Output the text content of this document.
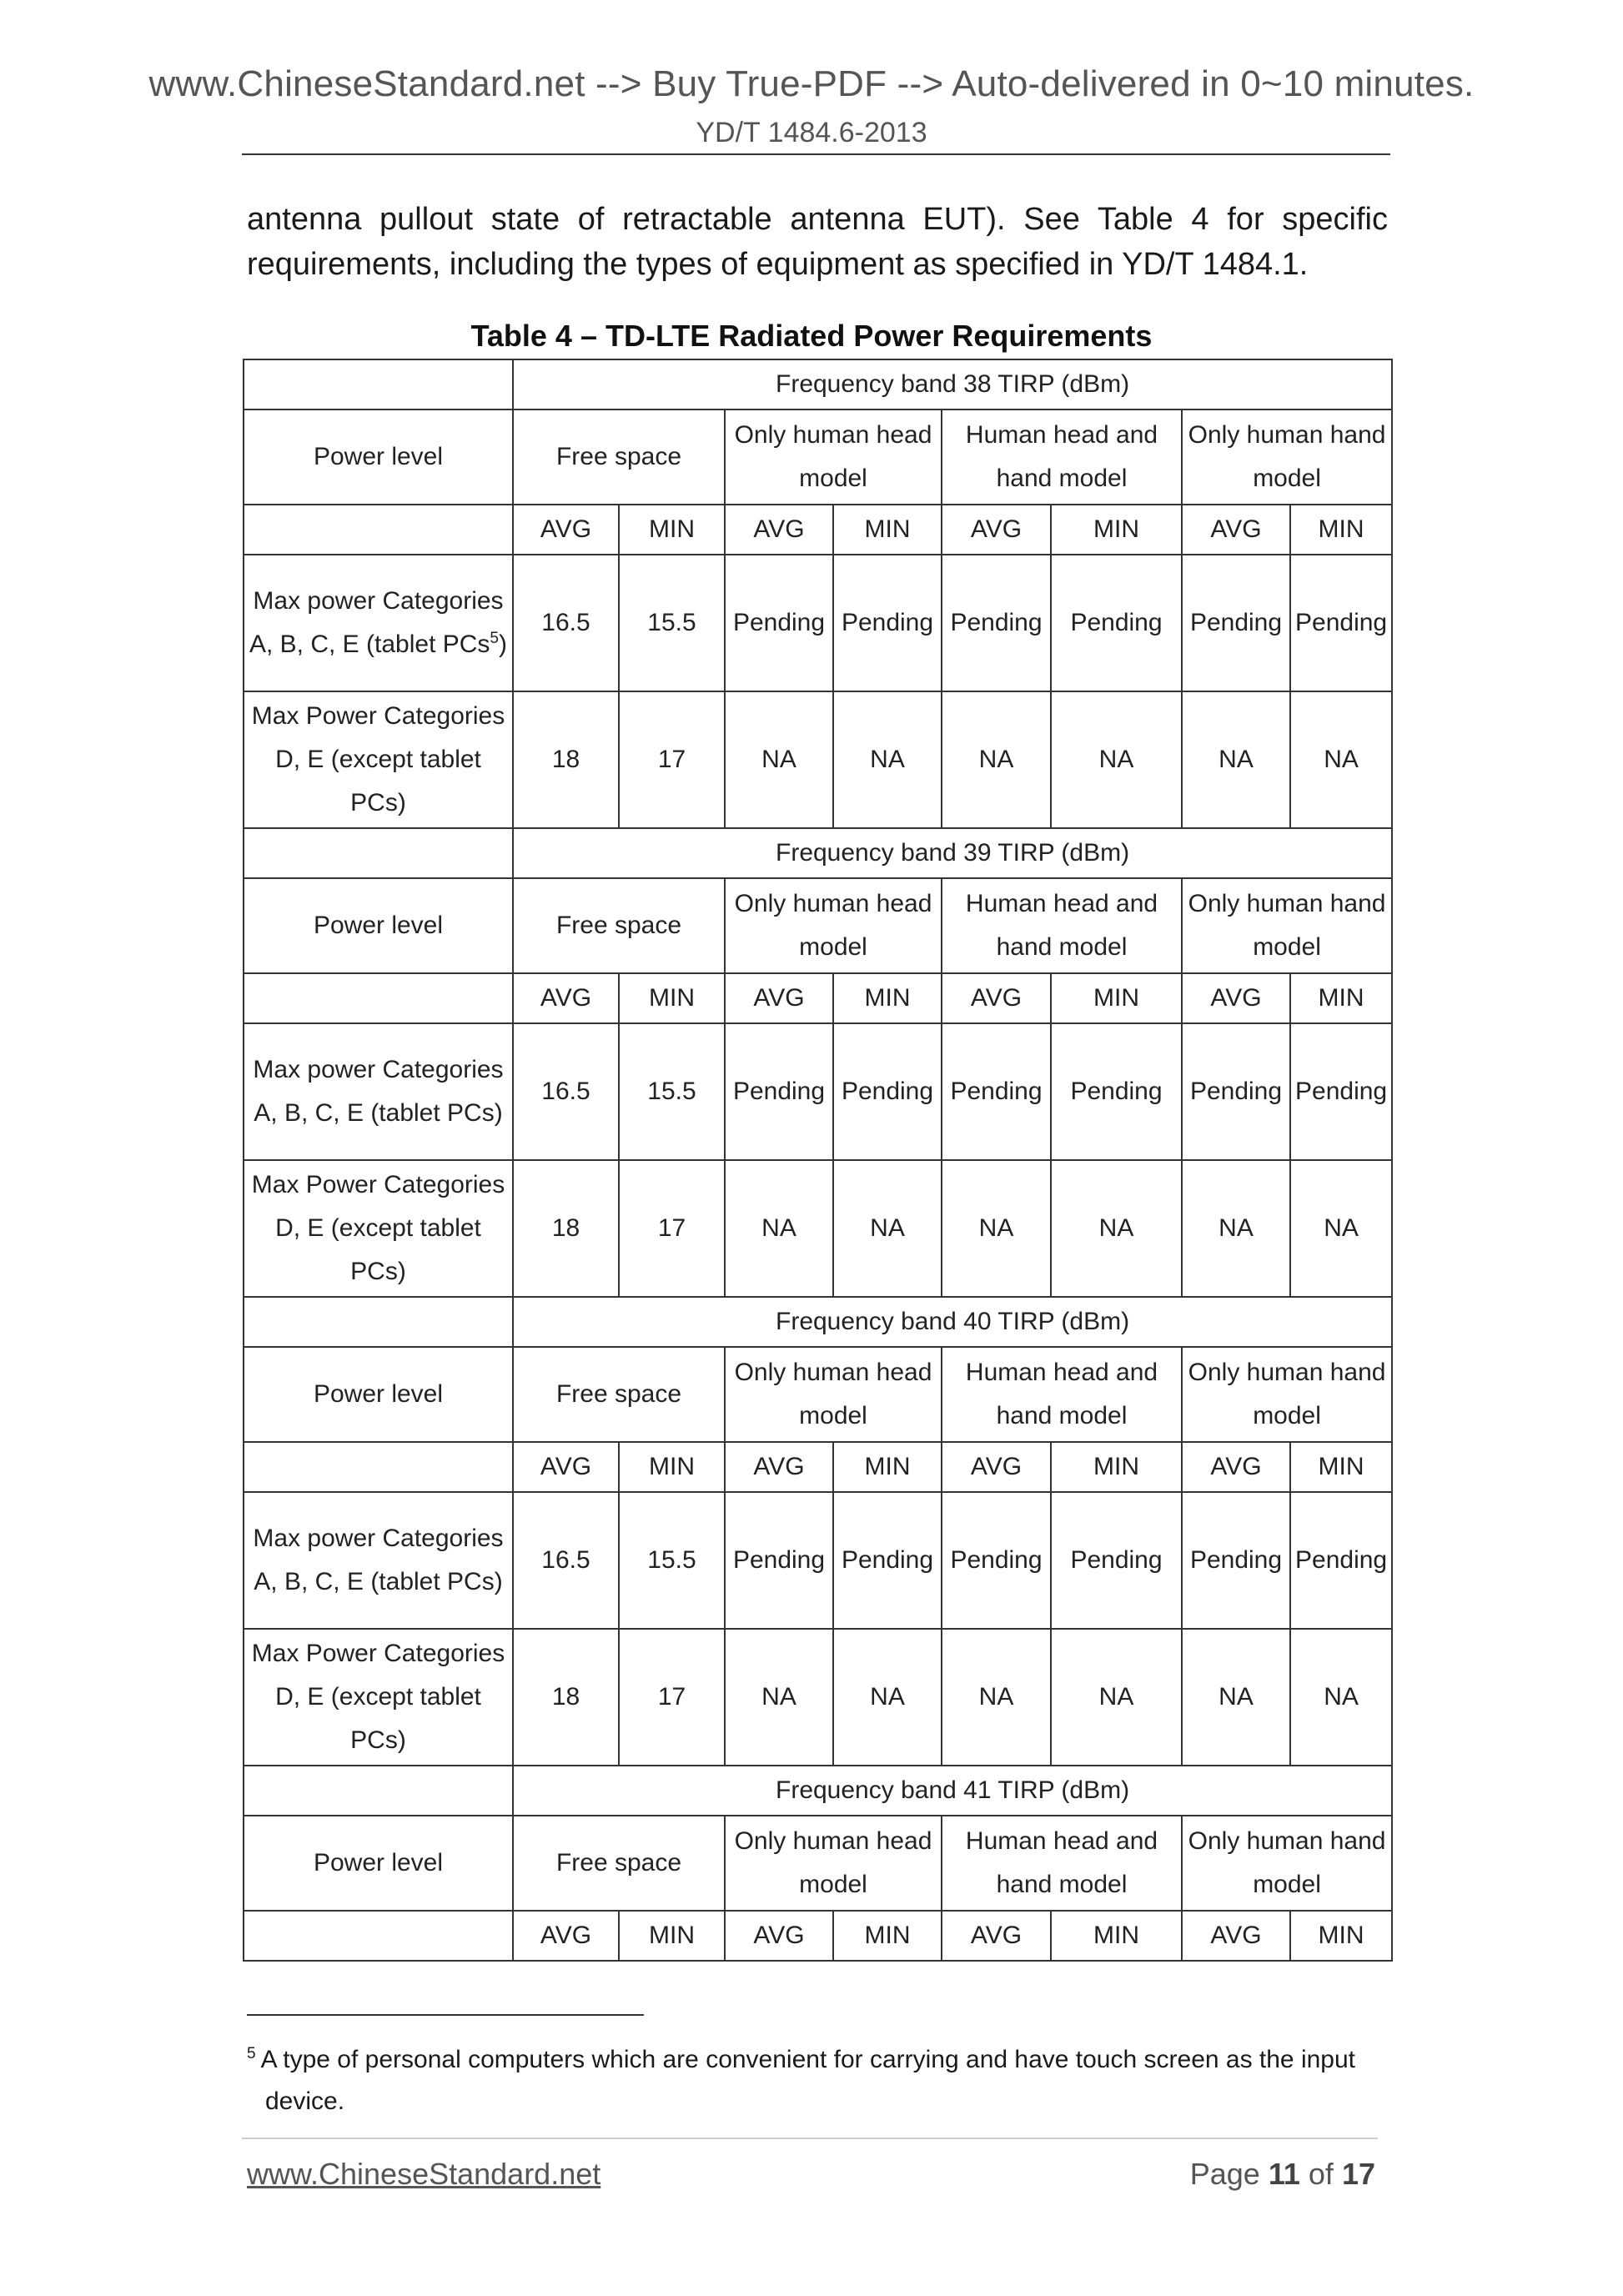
www.ChineseStandard.net --> Buy True-PDF --> Auto-delivered in 0~10 minutes.
YD/T 1484.6-2013
antenna pullout state of retractable antenna EUT). See Table 4 for specific requirements, including the types of equipment as specified in YD/T 1484.1.
Table 4 – TD-LTE Radiated Power Requirements
	Frequency band 38 TIRP (dBm)							
Power level	Free space		Only human head model		Human head and hand model		Only human hand model	
	AVG	MIN	AVG	MIN	AVG	MIN	AVG	MIN
Max power Categories A, B, C, E (tablet PCs$^5$)	16.5	15.5	Pending	Pending	Pending	Pending	Pending	Pending
Max Power Categories D, E (except tablet PCs)	18	17	NA	NA	NA	NA	NA	NA
	Frequency band 39 TIRP (dBm)							
Power level	Free space		Only human head model		Human head and hand model		Only human hand model	
	AVG	MIN	AVG	MIN	AVG	MIN	AVG	MIN
Max power Categories A, B, C, E (tablet PCs)	16.5	15.5	Pending	Pending	Pending	Pending	Pending	Pending
Max Power Categories D, E (except tablet PCs)	18	17	NA	NA	NA	NA	NA	NA
	Frequency band 40 TIRP (dBm)							
Power level	Free space		Only human head model		Human head and hand model		Only human hand model	
	AVG	MIN	AVG	MIN	AVG	MIN	AVG	MIN
Max power Categories A, B, C, E (tablet PCs)	16.5	15.5	Pending	Pending	Pending	Pending	Pending	Pending
Max Power Categories D, E (except tablet PCs)	18	17	NA	NA	NA	NA	NA	NA
	Frequency band 41 TIRP (dBm)							
Power level	Free space		Only human head model		Human head and hand model		Only human hand model	
	AVG	MIN	AVG	MIN	AVG	MIN	AVG	MIN
$^5$ A type of personal computers which are convenient for carrying and have touch screen as the input
device.
www.ChineseStandard.net	Page 11 of 17
